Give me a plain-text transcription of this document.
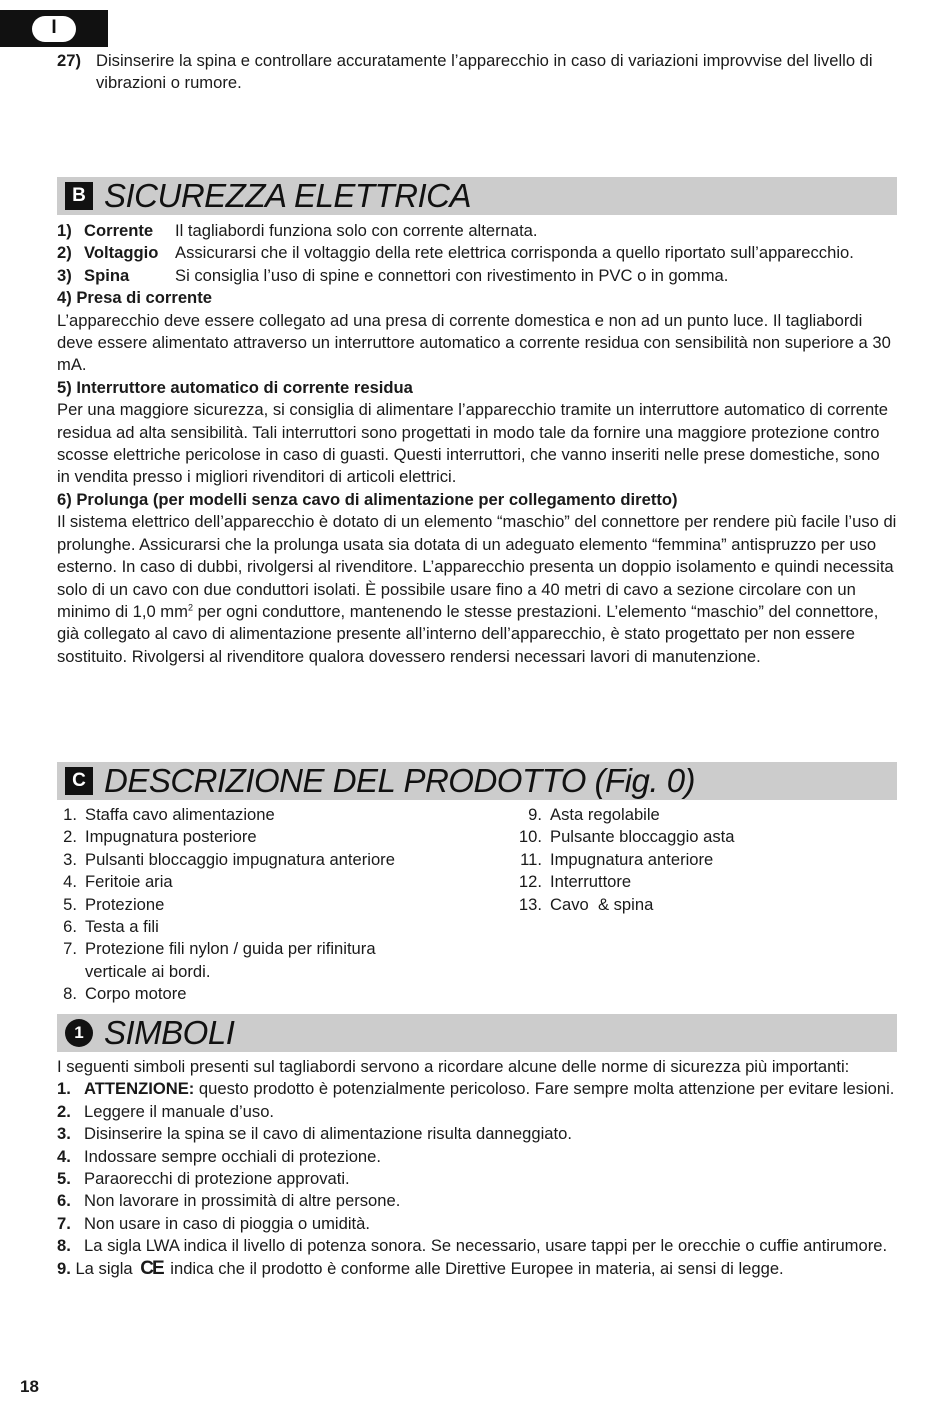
I
27) Disinserire la spina e controllare accuratamente l’apparecchio in caso di variazioni improvvise del livello di vibrazioni o rumore.
B SICUREZZA ELETTRICA
1) Corrente	Il tagliabordi funziona solo con corrente alternata.
2) Voltaggio	Assicurarsi che il voltaggio della rete elettrica corrisponda a quello riportato sull’apparecchio.
3) Spina	Si consiglia l’uso di spine e connettori con rivestimento in PVC o in gomma.

4) Presa di corrente

L’apparecchio deve essere collegato ad una presa di corrente domestica e non ad un punto luce. Il tagliabordi deve essere alimentato attraverso un interruttore automatico a corrente residua con sensibilità non superiore a 30 mA.

5) Interruttore automatico di corrente residua

Per una maggiore sicurezza, si consiglia di alimentare l’apparecchio tramite un interruttore automatico di corrente residua ad alta sensibilità. Tali interruttori sono progettati in modo tale da fornire una maggiore protezione contro scosse elettriche pericolose in caso di guasti. Questi interruttori, che vanno inseriti nelle prese domestiche, sono in vendita presso i migliori rivenditori di articoli elettrici.

6) Prolunga (per modelli senza cavo di alimentazione per collegamento diretto)

Il sistema elettrico dell’apparecchio è dotato di un elemento “maschio” del connettore per rendere più facile l’uso di prolunghe. Assicurarsi che la prolunga usata sia dotata di un adeguato elemento “femmina” antispruzzo per uso esterno. In caso di dubbi, rivolgersi al rivenditore. L’apparecchio presenta un doppio isolamento e quindi necessita solo di un cavo con due conduttori isolati. È possibile usare fino a 40 metri di cavo a sezione circolare con un minimo di 1,0 $mm^2$ per ogni conduttore, mantenendo le stesse prestazioni. L’elemento “maschio” del connettore, già collegato al cavo di alimentazione presente all’interno dell’apparecchio, è stato progettato per non essere sostituito. Rivolgersi al rivenditore qualora dovessero rendersi necessari lavori di manutenzione.

C DESCRIZIONE DEL PRODOTTO (Fig. 0)
1. Staffa cavo alimentazione
2. Impugnatura posteriore
3. Pulsanti bloccaggio impugnatura anteriore
4. Feritoie aria
5. Protezione
6. Testa a fili
7. Protezione fili nylon / guida per rifinitura verticale ai bordi.
8. Corpo motore
9. Asta regolabile
10. Pulsante bloccaggio asta
11. Impugnatura anteriore
12. Interruttore
13. Cavo  & spina
1 SIMBOLI

I seguenti simboli presenti sul tagliabordi servono a ricordare alcune delle norme di sicurezza più importanti:

1. ATTENZIONE: questo prodotto è potenzialmente pericoloso. Fare sempre molta attenzione per evitare lesioni.
2. Leggere il manuale d’uso.
3. Disinserire la spina se il cavo di alimentazione risulta danneggiato.
4. Indossare sempre occhiali di protezione.
5. Paraorecchi di protezione approvati.
6. Non lavorare in prossimità di altre persone.
7. Non usare in caso di pioggia o umidità.
8. La sigla LWA indica il livello di potenza sonora. Se necessario, usare tappi per le orecchie o cuffie antirumore.
9. La sigla CE indica che il prodotto è conforme alle Direttive Europee in materia, ai sensi di legge.
18
